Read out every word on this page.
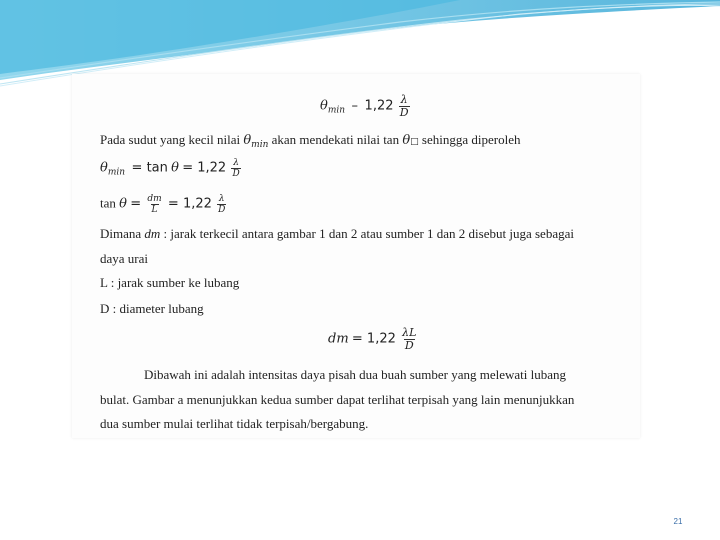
$\theta_{min} - 1,22 \frac{\lambda}{D}$
Pada sudut yang kecil nilai $\theta_{min}$ akan mendekati nilai tan θ□ sehingga diperoleh
$\theta_{min} = \tan \theta = 1,22 \frac{\lambda}{D}$
$\tan \theta = \frac{dm}{L} = 1,22 \frac{\lambda}{D}$
Dimana dm : jarak terkecil antara gambar 1 dan 2 atau sumber 1 dan 2 disebut juga sebagai
daya urai
L : jarak sumber ke lubang
D : diameter lubang
dm = $1,22 \frac{\lambda L}{D}$
Dibawah ini adalah intensitas daya pisah dua buah sumber yang melewati lubang
bulat. Gambar a menunjukkan kedua sumber dapat terlihat terpisah yang lain menunjukkan
dua sumber mulai terlihat tidak terpisah/bergabung.
21
